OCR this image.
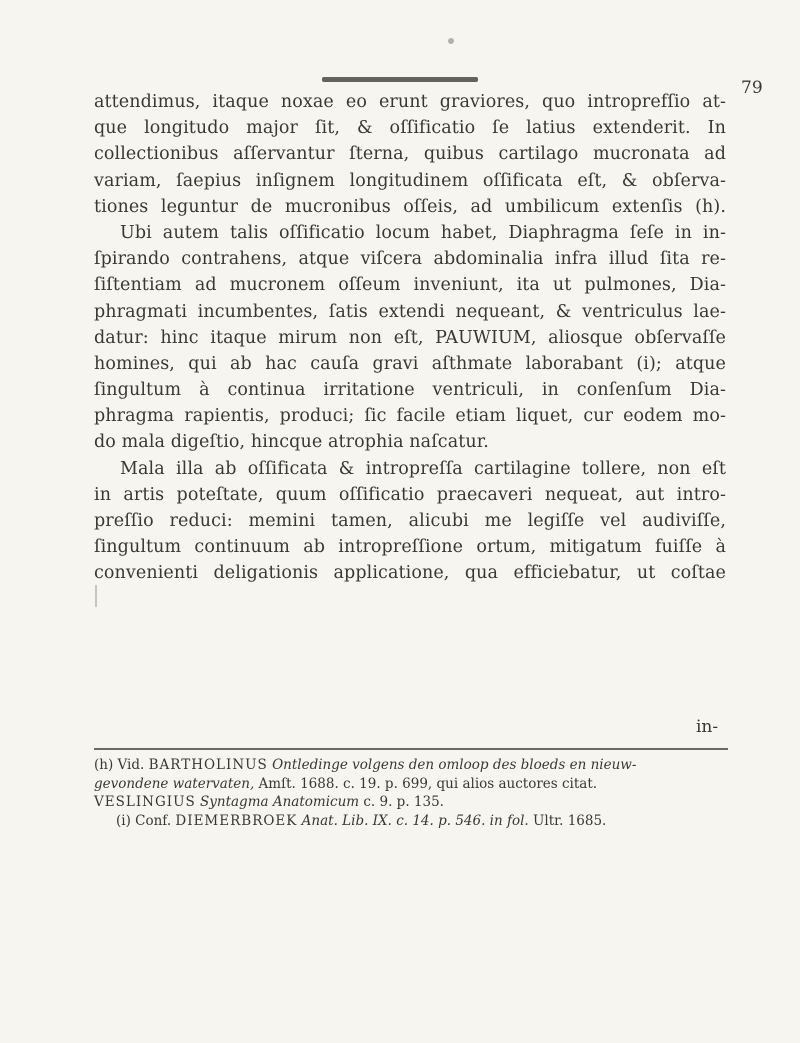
79
attendimus, itaque noxae eo erunt graviores, quo introprefſio at-
que longitudo major ſit, & oſſificatio ſe latius extenderit. In
collectionibus aſſervantur ſterna, quibus cartilago mucronata ad
variam, ſaepius inſignem longitudinem oſſificata eſt, & obſerva-
tiones leguntur de mucronibus oſſeis, ad umbilicum extenſis (h).
Ubi autem talis oſſificatio locum habet, Diaphragma ſeſe in in-
ſpirando contrahens, atque viſcera abdominalia infra illud ſita re-
ſiſtentiam ad mucronem oſſeum inveniunt, ita ut pulmones, Dia-
phragmati incumbentes, ſatis extendi nequeant, & ventriculus lae-
datur: hinc itaque mirum non eſt, PAUWIUM, aliosque obſervaſſe
homines, qui ab hac cauſa gravi aſthmate laborabant (i); atque
ſingultum à continua irritatione ventriculi, in conſenſum Dia-
phragma rapientis, produci; ſic facile etiam liquet, cur eodem mo-
do mala digeſtio, hincque atrophia naſcatur.
Mala illa ab oſſificata & intropreſſa cartilagine tollere, non eſt
in artis poteſtate, quum oſſificatio praecaveri nequeat, aut intro-
preſſio reduci: memini tamen, alicubi me legiſſe vel audiviſſe,
ſingultum continuum ab intropreſſione ortum, mitigatum fuiſſe à
convenienti deligationis applicatione, qua efficiebatur, ut coſtae
in-
(h) Vid. BARTHOLINUS Ontledinge volgens den omloop des bloeds en nieuw-
gevondene watervaten, Amſt. 1688. c. 19. p. 699, qui alios auctores citat.
VESLINGIUS Syntagma Anatomicum c. 9. p. 135.
(i) Conf. DIEMERBROEK Anat. Lib. IX. c. 14. p. 546. in fol. Ultr. 1685.
